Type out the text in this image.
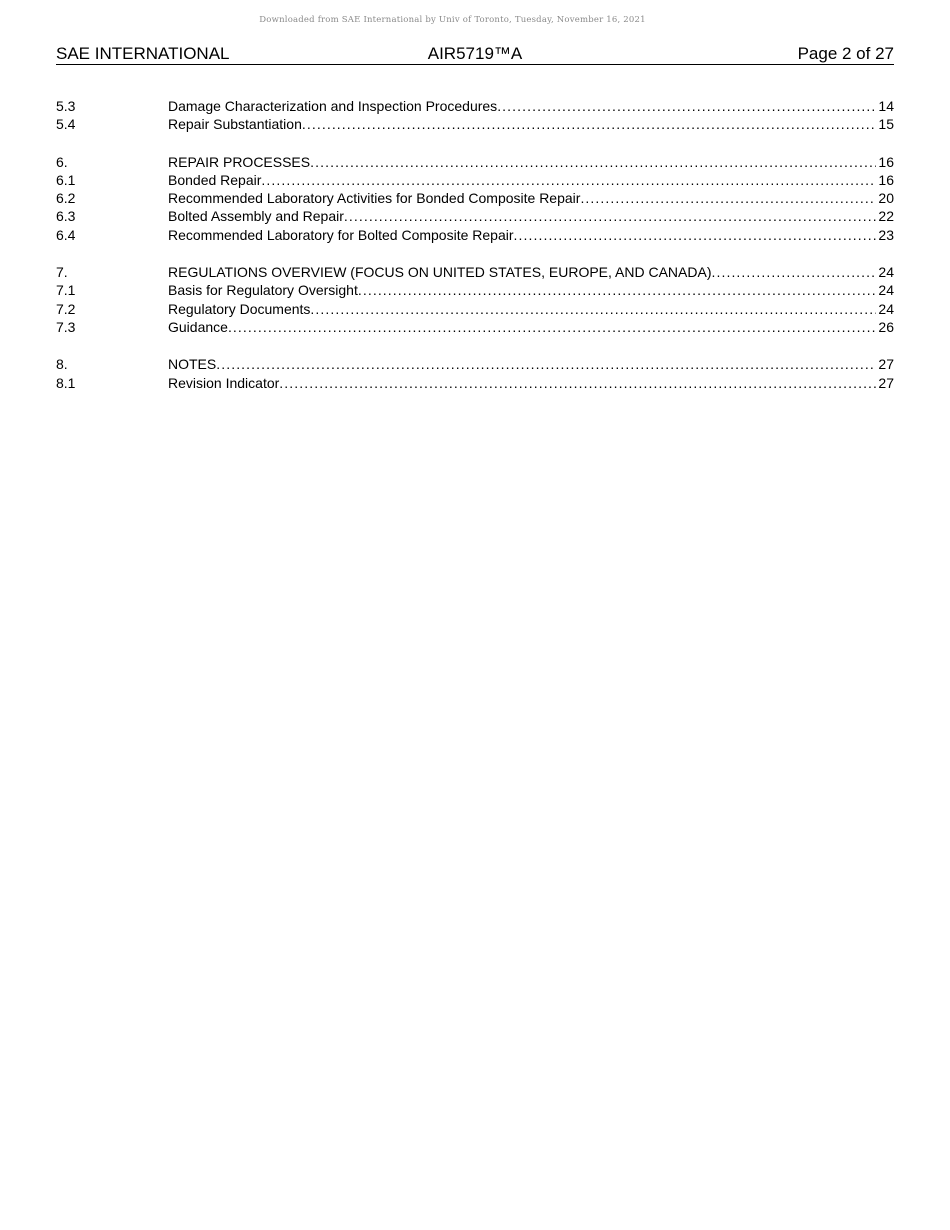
Downloaded from SAE International by Univ of Toronto, Tuesday, November 16, 2021
SAE INTERNATIONAL	AIR5719™A	Page 2 of 27
5.3	Damage Characterization and Inspection Procedures .....	14
5.4	Repair Substantiation .....	15
6.	REPAIR PROCESSES .....	16
6.1	Bonded Repair .....	16
6.2	Recommended Laboratory Activities for Bonded Composite Repair .....	20
6.3	Bolted Assembly and Repair .....	22
6.4	Recommended Laboratory for Bolted Composite Repair .....	23
7.	REGULATIONS OVERVIEW (FOCUS ON UNITED STATES, EUROPE, AND CANADA) .....	24
7.1	Basis for Regulatory Oversight .....	24
7.2	Regulatory Documents .....	24
7.3	Guidance .....	26
8.	NOTES .....	27
8.1	Revision Indicator .....	27
